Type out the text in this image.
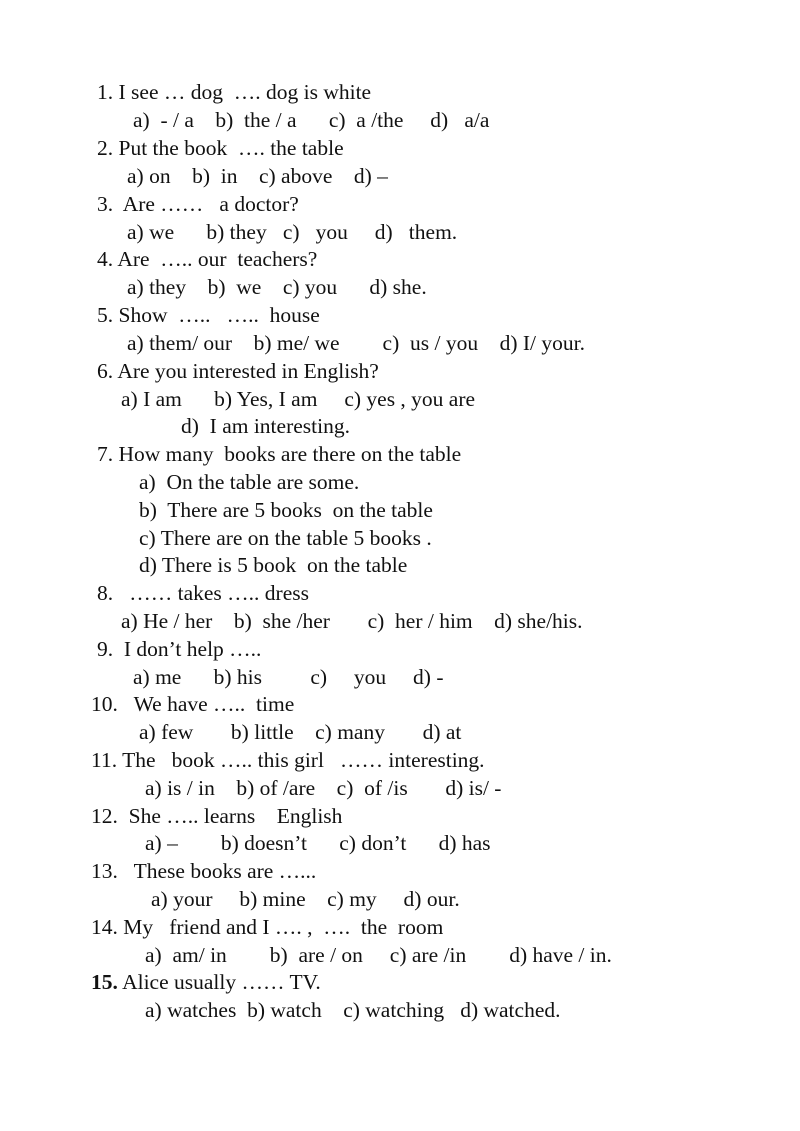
1. I see … dog  …. dog is white
a)  - / a    b)  the / a      c)  a /the     d)   a/a
2. Put the book  …. the table
a) on    b)  in    c) above    d) –
3.  Are ……   a doctor?
a) we      b) they   c)   you     d)   them.
4. Are  ….. our  teachers?
a) they    b)  we    c) you      d) she.
5. Show  …..   …..  house
a) them/ our    b) me/ we        c)  us / you    d) I/ your.
6. Are you interested in English?
a) I am      b) Yes, I am     c) yes , you are
d)  I am interesting.
7. How many  books are there on the table
a)  On the table are some.
b)  There are 5 books  on the table
c) There are on the table 5 books .
d) There is 5 book  on the table
8.   …… takes ….. dress
a) He / her    b)  she /her       c)  her / him    d) she/his.
9.  I don’t help …..
a) me      b) his         c)     you     d) -
10.   We have …..  time
a) few       b) little    c) many       d) at
11. The   book ….. this girl   …… interesting.
a) is / in    b) of /are    c)  of /is       d) is/ -
12.  She ….. learns    English
a) –        b) doesn’t      c) don’t      d) has
13.   These books are …...
a) your     b) mine    c) my     d) our.
14. My   friend and I …. ,  ….  the  room
a)  am/ in        b)  are / on     c) are /in        d) have / in.
15. Alice usually …… TV.
a) watches  b) watch    c) watching   d) watched.
